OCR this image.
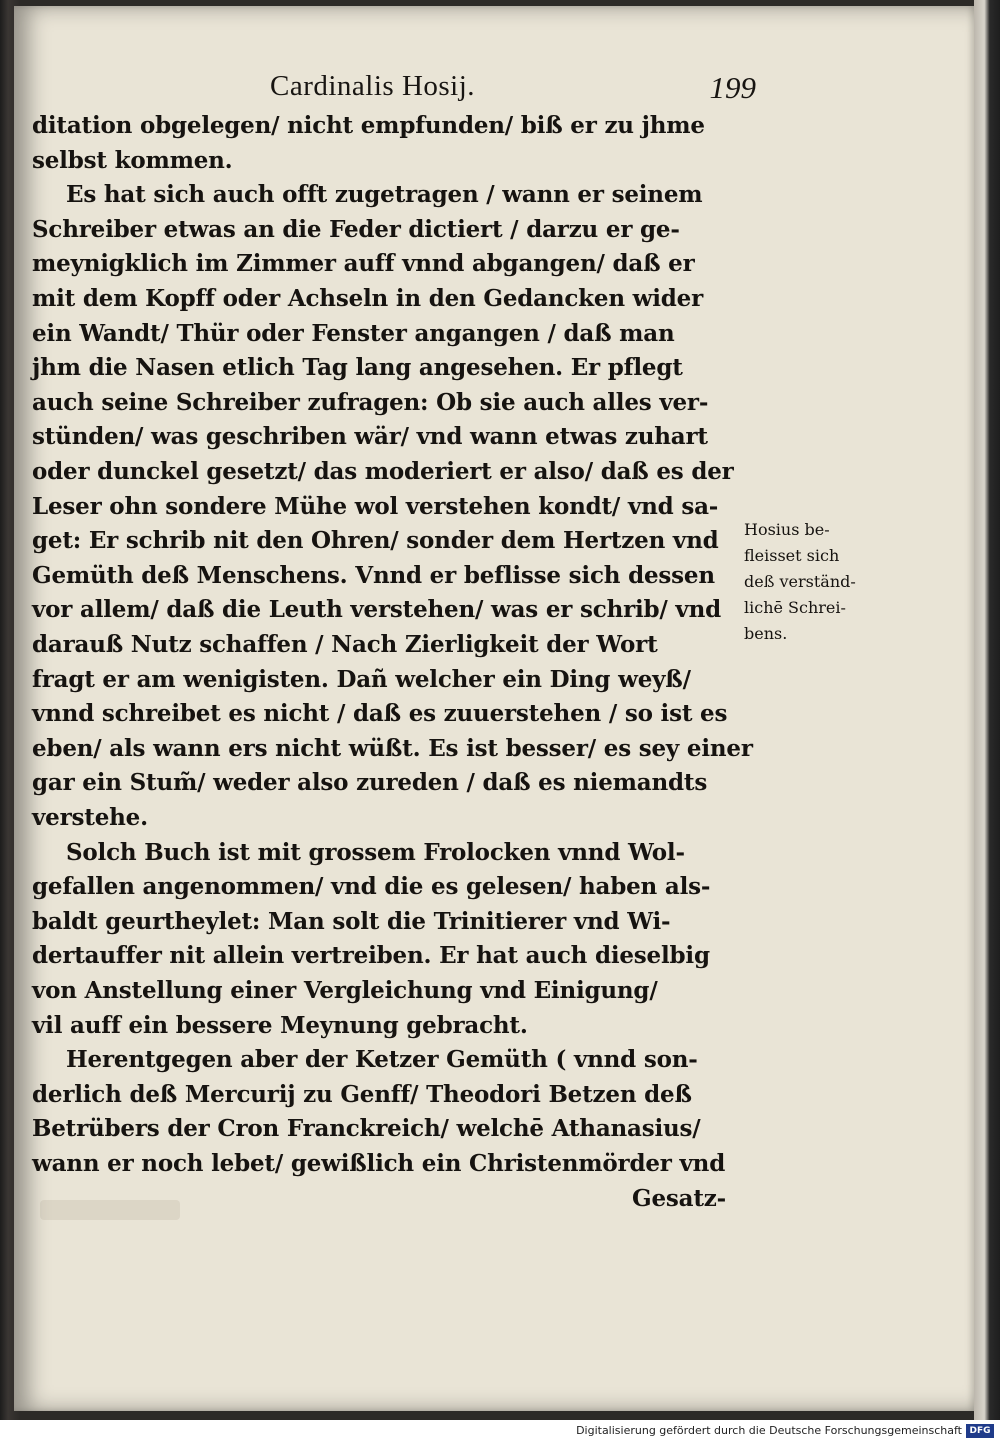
Cardinalis Hosij.	199
ditation obgelegen/ nicht empfunden/ biß er zu jhme
selbst kommen.
Es hat sich auch offt zugetragen / wann er seinem
Schreiber etwas an die Feder dictiert / darzu er ge-
meynigklich im Zimmer auff vnnd abgangen/ daß er
mit dem Kopff oder Achseln in den Gedancken wider
ein Wandt/ Thür oder Fenster angangen / daß man
jhm die Nasen etlich Tag lang angesehen. Er pflegt
auch seine Schreiber zufragen: Ob sie auch alles ver-
stünden/ was geschriben wär/ vnd wann etwas zuhart
oder dunckel gesetzt/ das moderiert er also/ daß es der
Leser ohn sondere Mühe wol verstehen kondt/ vnd sa-
get: Er schrib nit den Ohren/ sonder dem Hertzen vnd
Gemüth deß Menschens. Vnnd er beflisse sich dessen
vor allem/ daß die Leuth verstehen/ was er schrib/ vnd
darauß Nutz schaffen / Nach Zierligkeit der Wort
fragt er am wenigisten. Dañ welcher ein Ding weyß/
vnnd schreibet es nicht / daß es zuuerstehen / so ist es
eben/ als wann ers nicht wüßt. Es ist besser/ es sey einer
gar ein Stum̃/ weder also zureden / daß es niemandts
verstehe.
Solch Buch ist mit grossem Frolocken vnnd Wol-
gefallen angenommen/ vnd die es gelesen/ haben als-
baldt geurtheylet: Man solt die Trinitierer vnd Wi-
dertauffer nit allein vertreiben. Er hat auch dieselbig
von Anstellung einer Vergleichung vnd Einigung/
vil auff ein bessere Meynung gebracht.
Herentgegen aber der Ketzer Gemüth ( vnnd son-
derlich deß Mercurij zu Genff/ Theodori Betzen deß
Betrübers der Cron Franckreich/ welchē Athanasius/
wann er noch lebet/ gewißlich ein Christenmörder vnd
Gesatz-
Hosius be-
fleisset sich
deß verständ-
lichē Schrei-
bens.
Digitalisierung gefördert durch die Deutsche Forschungsgemeinschaft DFG
